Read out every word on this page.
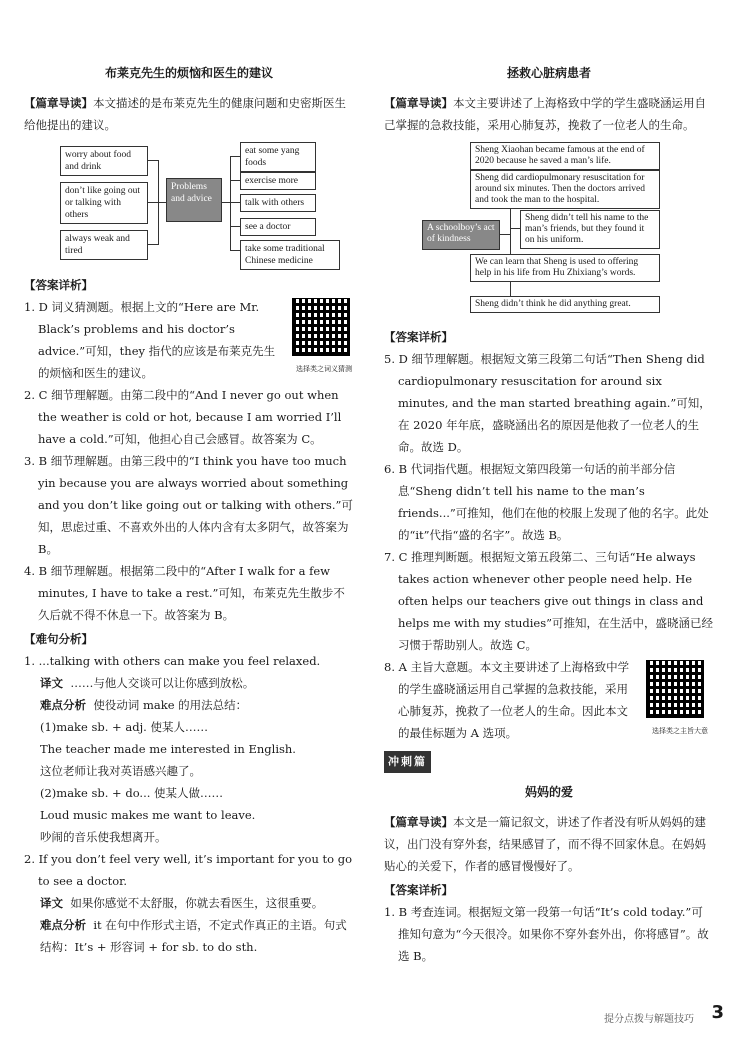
布莱克先生的烦恼和医生的建议

【篇章导读】本文描述的是布莱克先生的健康问题和史密斯医生给他提出的建议。

worry about food and drink
don’t like going out or talking with others
always weak and tired
Problems and advice
eat some yang foods
exercise more
talk with others
see a doctor
take some traditional Chinese medicine

【答案详析】

1. D 词义猜测题。根据上文的“Here are Mr. Black’s problems and his doctor’s advice.”可知，they 指代的应该是布莱克先生的烦恼和医生的建议。	选择类之词义猜测

2. C 细节理解题。由第二段中的“And I never go out when the weather is cold or hot, because I am worried I’ll have a cold.”可知，他担心自己会感冒。故答案为 C。

3. B 细节理解题。由第三段中的“I think you have too much yin because you are always worried about something and you don’t like going out or talking with others.”可知，思虑过重、不喜欢外出的人体内含有太多阴气，故答案为 B。

4. B 细节理解题。根据第二段中的“After I walk for a few minutes, I have to take a rest.”可知，布莱克先生散步不久后就不得不休息一下。故答案为 B。

【难句分析】

1. ...talking with others can make you feel relaxed.

译文 ……与他人交谈可以让你感到放松。

难点分析 使役动词 make 的用法总结：

(1)make sb. + adj. 使某人……

The teacher made me interested in English.

这位老师让我对英语感兴趣了。

(2)make sb. + do... 使某人做……

Loud music makes me want to leave.

吵闹的音乐使我想离开。

2. If you don’t feel very well, it’s important for you to go to see a doctor.

译文 如果你感觉不太舒服，你就去看医生，这很重要。

难点分析 it 在句中作形式主语，不定式作真正的主语。句式结构：It’s + 形容词 + for sb. to do sth.

拯救心脏病患者

【篇章导读】本文主要讲述了上海格致中学的学生盛晓涵运用自己掌握的急救技能，采用心肺复苏，挽救了一位老人的生命。

A schoolboy’s act of kindness
Sheng Xiaohan became famous at the end of 2020 because he saved a man’s life.
Sheng did cardiopulmonary resuscitation for around six minutes. Then the doctors arrived and took the man to the hospital.
Sheng didn’t tell his name to the man’s friends, but they found it on his uniform.
We can learn that Sheng is used to offering help in his life from Hu Zhixiang’s words.
Sheng didn’t think he did anything great.

【答案详析】

5. D 细节理解题。根据短文第三段第二句话“Then Sheng did cardiopulmonary resuscitation for around six minutes, and the man started breathing again.”可知，在 2020 年年底，盛晓涵出名的原因是他救了一位老人的生命。故选 D。

6. B 代词指代题。根据短文第四段第一句话的前半部分信息“Sheng didn’t tell his name to the man’s friends...”可推知，他们在他的校服上发现了他的名字。此处的“it”代指“盛的名字”。故选 B。

7. C 推理判断题。根据短文第五段第二、三句话“He always takes action whenever other people need help. He often helps our teachers give out things in class and helps me with my studies”可推知，在生活中，盛晓涵已经习惯于帮助别人。故选 C。

8. A 主旨大意题。本文主要讲述了上海格致中学的学生盛晓涵运用自己掌握的急救技能，采用心肺复苏，挽救了一位老人的生命。因此本文的最佳标题为 A 选项。	选择类之主旨大意

冲刺篇

妈妈的爱

【篇章导读】本文是一篇记叙文，讲述了作者没有听从妈妈的建议，出门没有穿外套，结果感冒了，而不得不回家休息。在妈妈贴心的关爱下，作者的感冒慢慢好了。

【答案详析】

1. B 考查连词。根据短文第一段第一句话“It’s cold today.”可推知句意为“今天很冷。如果你不穿外套外出，你将感冒”。故选 B。

提分点拨与解题技巧 3
